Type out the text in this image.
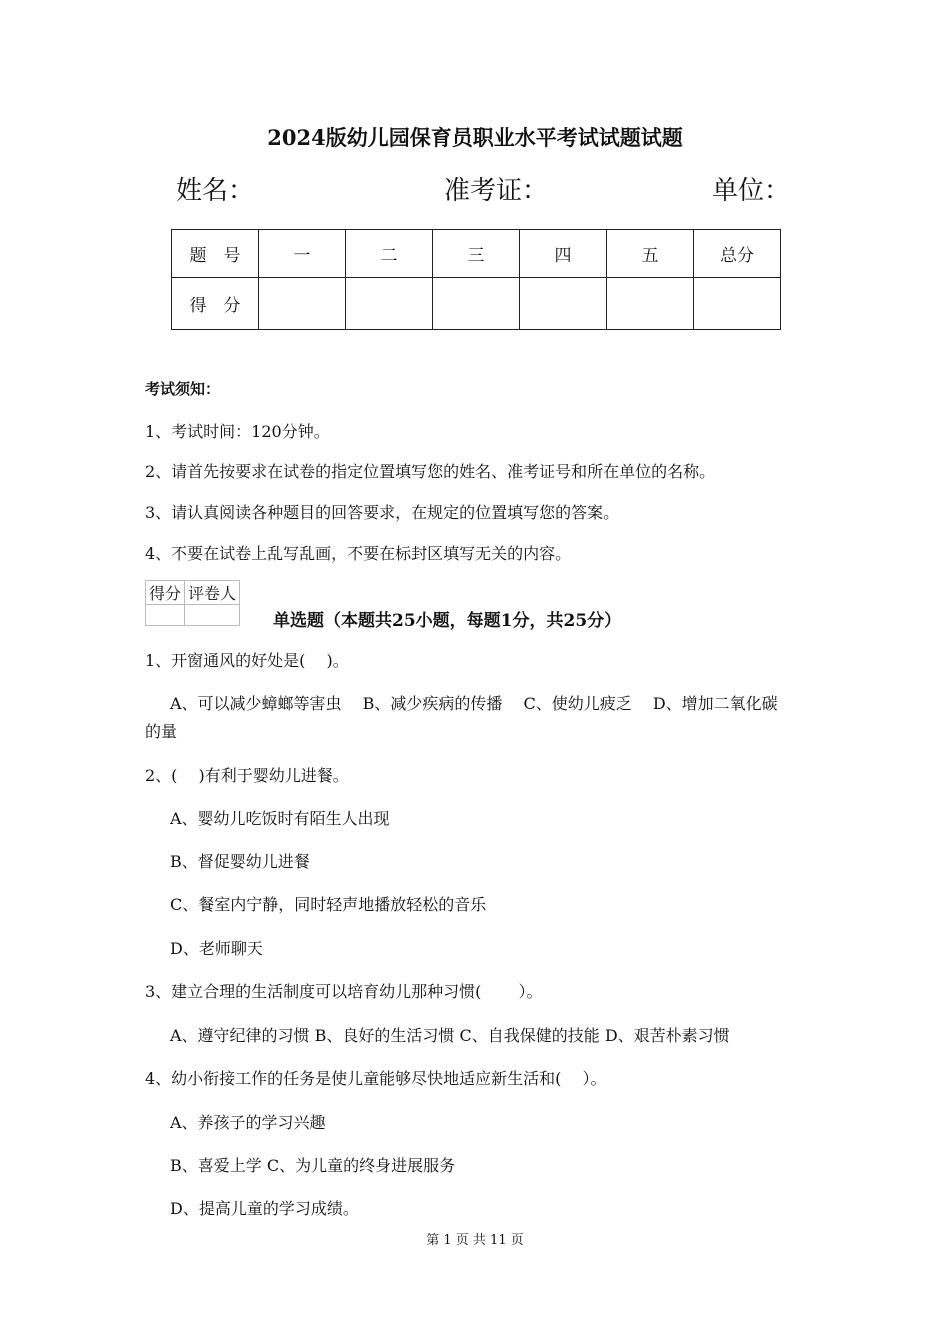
2024版幼儿园保育员职业水平考试试题试题
姓名：	准考证：	单位：
题　号	一	二	三	四	五	总分
得　分						
考试须知：
1、考试时间：120分钟。
2、请首先按要求在试卷的指定位置填写您的姓名、准考证号和所在单位的名称。
3、请认真阅读各种题目的回答要求，在规定的位置填写您的答案。
4、不要在试卷上乱写乱画，不要在标封区填写无关的内容。
得分	评卷人

单选题（本题共25小题，每题1分，共25分）
1、开窗通风的好处是(　 )。
A、可以减少蟑螂等害虫　 B、减少疾病的传播　 C、使幼儿疲乏　 D、增加二氧化碳
的量
2、(　 )有利于婴幼儿进餐。
A、婴幼儿吃饭时有陌生人出现
B、督促婴幼儿进餐
C、餐室内宁静，同时轻声地播放轻松的音乐
D、老师聊天
3、建立合理的生活制度可以培育幼儿那种习惯(　　 ）。
A、遵守纪律的习惯 B、良好的生活习惯 C、自我保健的技能 D、艰苦朴素习惯
4、幼小衔接工作的任务是使儿童能够尽快地适应新生活和(　 ）。
A、养孩子的学习兴趣
B、喜爱上学 C、为儿童的终身进展服务
D、提高儿童的学习成绩。
第 1 页 共 11 页
